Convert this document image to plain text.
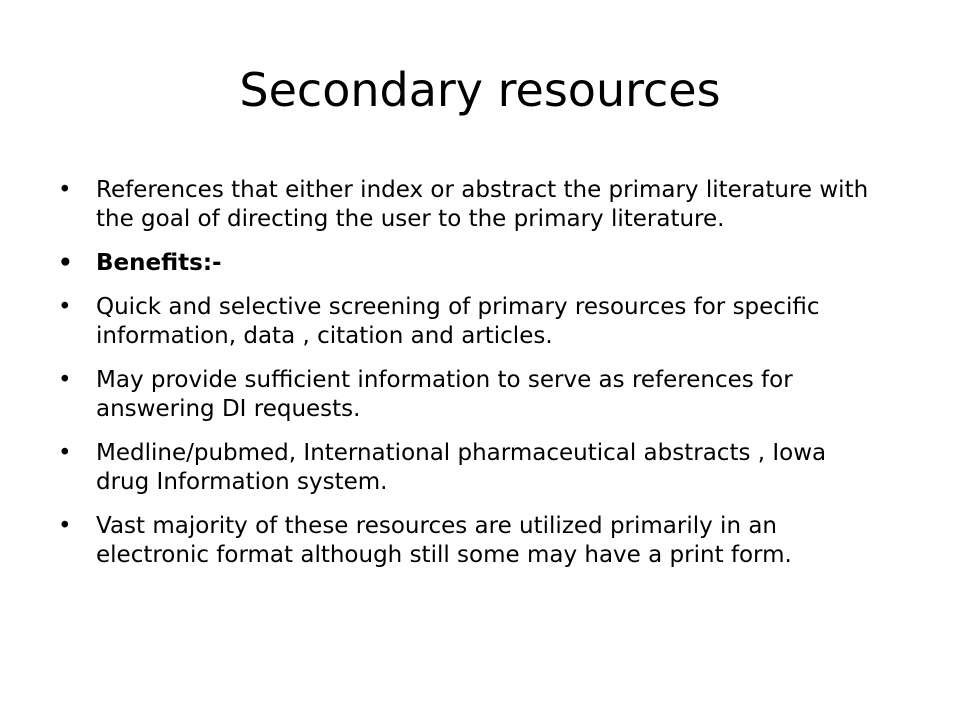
Secondary resources
• References that either index or abstract the primary literature with the goal of directing the user to the primary literature.
• Benefits:-
• Quick and selective screening of primary resources for specific information, data , citation and articles.
• May provide sufficient information to serve as references for answering DI requests.
• Medline/pubmed, International pharmaceutical abstracts , Iowa drug Information system.
• Vast majority of these resources are utilized primarily in an electronic format although still some may have a print form.
